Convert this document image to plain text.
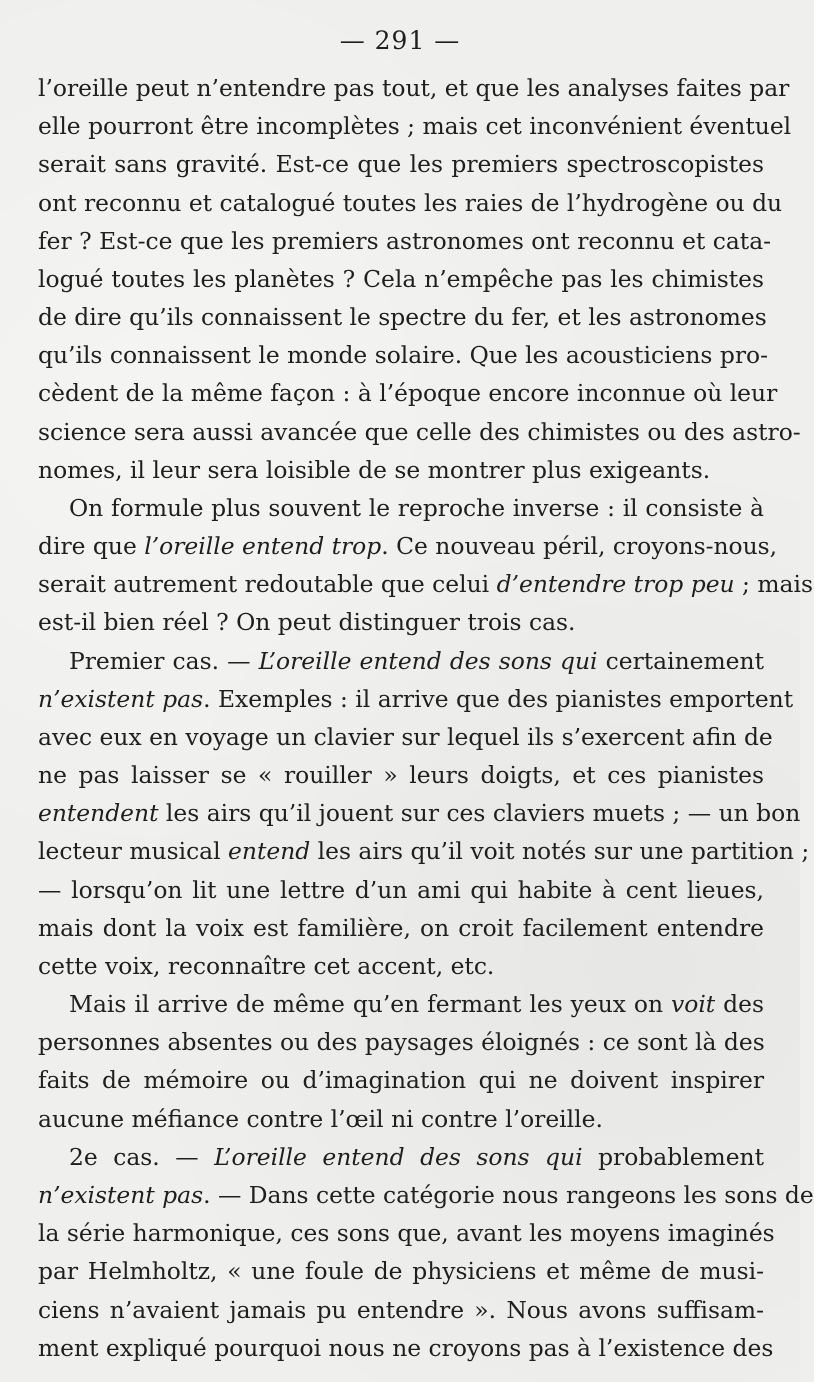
— 291 —
l’oreille peut n’entendre pas tout, et que les analyses faites par
elle pourront être incomplètes ; mais cet inconvénient éventuel
serait sans gravité. Est-ce que les premiers spectroscopistes
ont reconnu et catalogué toutes les raies de l’hydrogène ou du
fer ? Est-ce que les premiers astronomes ont reconnu et cata-
logué toutes les planètes ? Cela n’empêche pas les chimistes
de dire qu’ils connaissent le spectre du fer, et les astronomes
qu’ils connaissent le monde solaire. Que les acousticiens pro-
cèdent de la même façon : à l’époque encore inconnue où leur
science sera aussi avancée que celle des chimistes ou des astro-
nomes, il leur sera loisible de se montrer plus exigeants.
On formule plus souvent le reproche inverse : il consiste à
dire que l’oreille entend trop. Ce nouveau péril, croyons-nous,
serait autrement redoutable que celui d’entendre trop peu ; mais
est-il bien réel ? On peut distinguer trois cas.
Premier cas. — L’oreille entend des sons qui certainement
n’existent pas. Exemples : il arrive que des pianistes emportent
avec eux en voyage un clavier sur lequel ils s’exercent afin de
ne pas laisser se « rouiller » leurs doigts, et ces pianistes
entendent les airs qu’il jouent sur ces claviers muets ; — un bon
lecteur musical entend les airs qu’il voit notés sur une partition ;
— lorsqu’on lit une lettre d’un ami qui habite à cent lieues,
mais dont la voix est familière, on croit facilement entendre
cette voix, reconnaître cet accent, etc.
Mais il arrive de même qu’en fermant les yeux on voit des
personnes absentes ou des paysages éloignés : ce sont là des
faits de mémoire ou d’imagination qui ne doivent inspirer
aucune méfiance contre l’œil ni contre l’oreille.
2e cas. — L’oreille entend des sons qui probablement
n’existent pas. — Dans cette catégorie nous rangeons les sons de
la série harmonique, ces sons que, avant les moyens imaginés
par Helmholtz, « une foule de physiciens et même de musi-
ciens n’avaient jamais pu entendre ». Nous avons suffisam-
ment expliqué pourquoi nous ne croyons pas à l’existence des
